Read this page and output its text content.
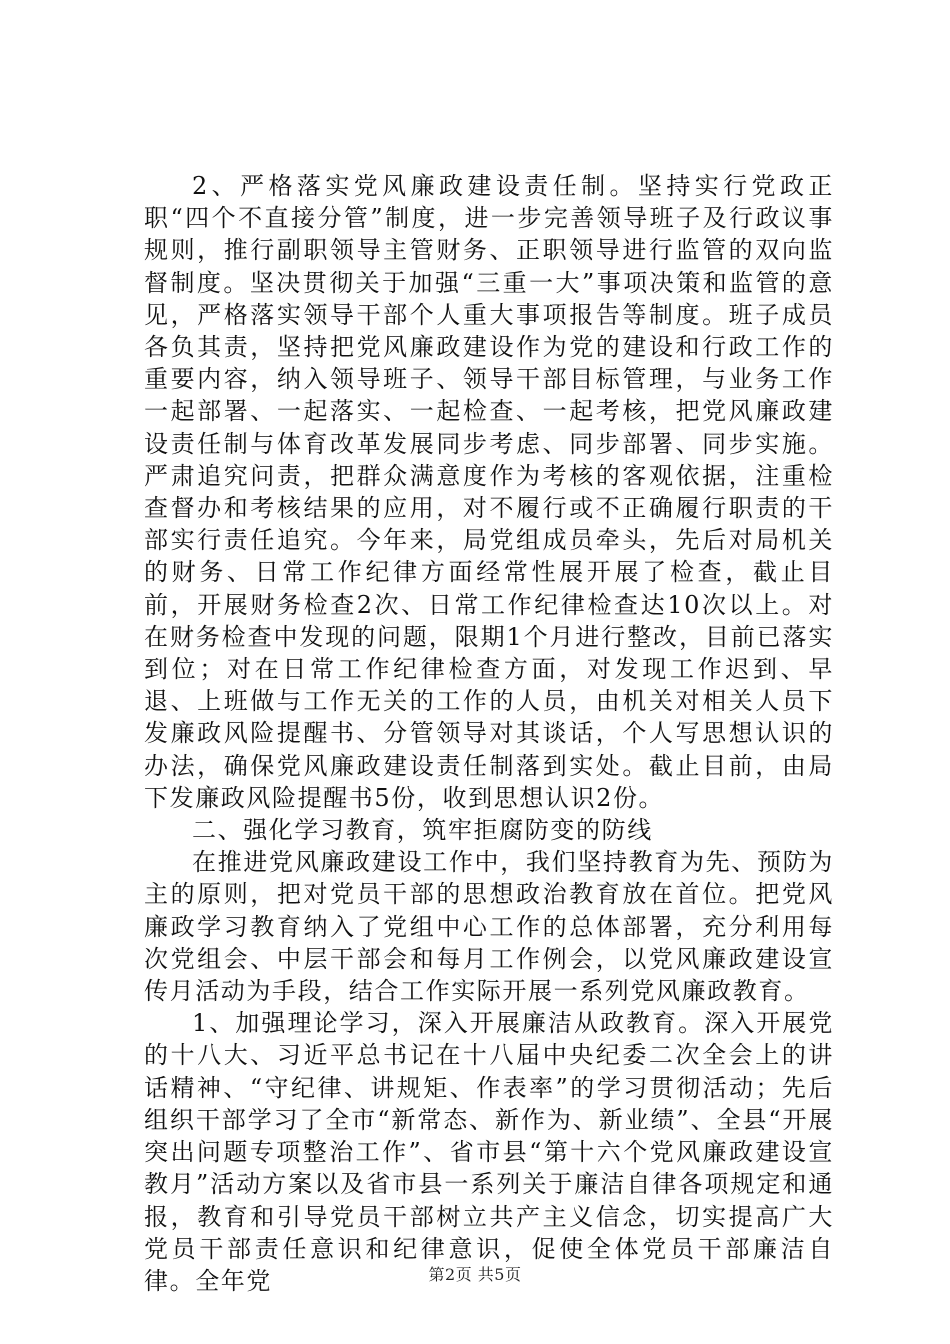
2、严格落实党风廉政建设责任制。坚持实行党政正职“四个不直接分管”制度，进一步完善领导班子及行政议事规则，推行副职领导主管财务、正职领导进行监管的双向监督制度。坚决贯彻关于加强“三重一大”事项决策和监管的意见，严格落实领导干部个人重大事项报告等制度。班子成员各负其责，坚持把党风廉政建设作为党的建设和行政工作的重要内容，纳入领导班子、领导干部目标管理，与业务工作一起部署、一起落实、一起检查、一起考核，把党风廉政建设责任制与体育改革发展同步考虑、同步部署、同步实施。严肃追究问责，把群众满意度作为考核的客观依据，注重检查督办和考核结果的应用，对不履行或不正确履行职责的干部实行责任追究。今年来，局党组成员牵头，先后对局机关的财务、日常工作纪律方面经常性展开展了检查，截止目前，开展财务检查2次、日常工作纪律检查达10次以上。对在财务检查中发现的问题，限期1个月进行整改，目前已落实到位；对在日常工作纪律检查方面，对发现工作迟到、早退、上班做与工作无关的工作的人员，由机关对相关人员下发廉政风险提醒书、分管领导对其谈话，个人写思想认识的办法，确保党风廉政建设责任制落到实处。截止目前，由局下发廉政风险提醒书5份，收到思想认识2份。

二、强化学习教育，筑牢拒腐防变的防线

在推进党风廉政建设工作中，我们坚持教育为先、预防为主的原则，把对党员干部的思想政治教育放在首位。把党风廉政学习教育纳入了党组中心工作的总体部署，充分利用每次党组会、中层干部会和每月工作例会，以党风廉政建设宣传月活动为手段，结合工作实际开展一系列党风廉政教育。

1、加强理论学习，深入开展廉洁从政教育。深入开展党的十八大、习近平总书记在十八届中央纪委二次全会上的讲话精神、“守纪律、讲规矩、作表率”的学习贯彻活动；先后组织干部学习了全市“新常态、新作为、新业绩”、全县“开展突出问题专项整治工作”、省市县“第十六个党风廉政建设宣教月”活动方案以及省市县一系列关于廉洁自律各项规定和通报，教育和引导党员干部树立共产主义信念，切实提高广大党员干部责任意识和纪律意识，促使全体党员干部廉洁自律。全年党	第2页 共5页
